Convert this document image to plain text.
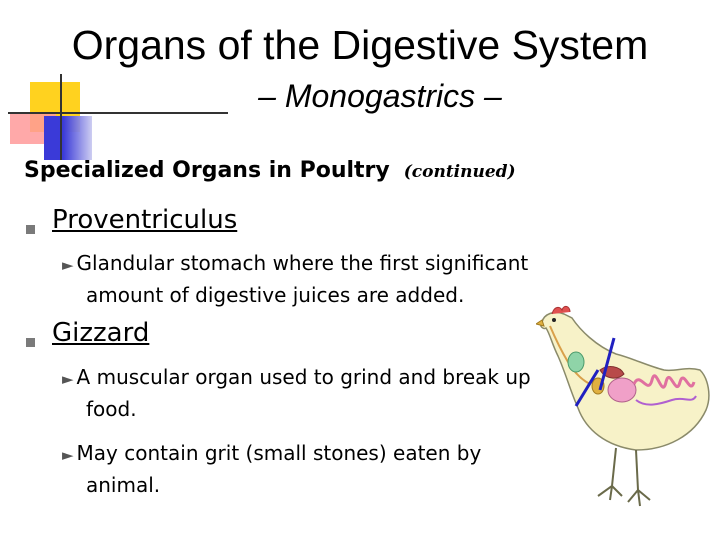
Organs of the Digestive System
– Monogastrics –
Specialized Organs in Poultry (continued)
Proventriculus
► Glandular stomach where the first significant
amount of digestive juices are added.
Gizzard
► A muscular organ used to grind and break up
food.
► May contain grit (small stones) eaten by
animal.
